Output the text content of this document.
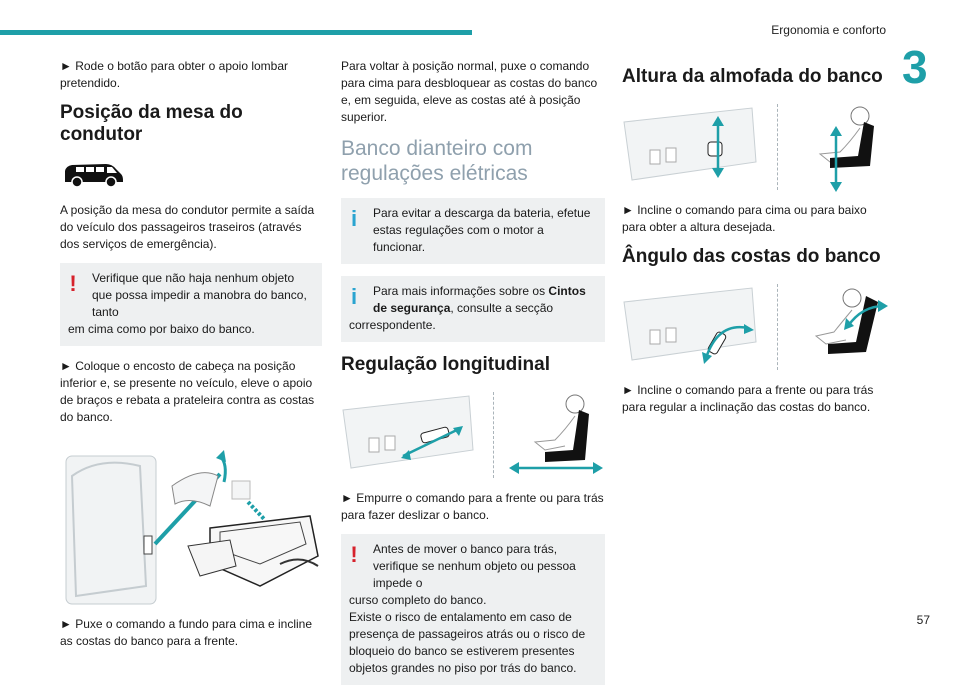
Ergonomia e conforto
3
57

► Rode o botão para obter o apoio lombar pretendido.

Posição da mesa do condutor

A posição da mesa do condutor permite a saída do veículo dos passageiros traseiros (através dos serviços de emergência).

!	Verifique que não haja nenhum objeto que possa impedir a manobra do banco, tanto
em cima como por baixo do banco.

► Coloque o encosto de cabeça na posição inferior e, se presente no veículo, eleve o apoio de braços e rebata a prateleira contra as costas do banco.

► Puxe o comando a fundo para cima e incline as costas do banco para a frente.

Para voltar à posição normal, puxe o comando para cima para desbloquear as costas do banco e, em seguida, eleve as costas até à posição superior.

Banco dianteiro com regulações elétricas
i	Para evitar a descarga da bateria, efetue estas regulações com o motor a funcionar.
i	Para mais informações sobre os Cintos de segurança, consulte a secção
correspondente.
Regulação longitudinal

► Empurre o comando para a frente ou para trás para fazer deslizar o banco.

!	Antes de mover o banco para trás, verifique se nenhum objeto ou pessoa impede o
curso completo do banco.
Existe o risco de entalamento em caso de presença de passageiros atrás ou o risco de bloqueio do banco se estiverem presentes objetos grandes no piso por trás do banco.
Altura da almofada do banco

► Incline o comando para cima ou para baixo para obter a altura desejada.

Ângulo das costas do banco

► Incline o comando para a frente ou para trás para regular a inclinação das costas do banco.
